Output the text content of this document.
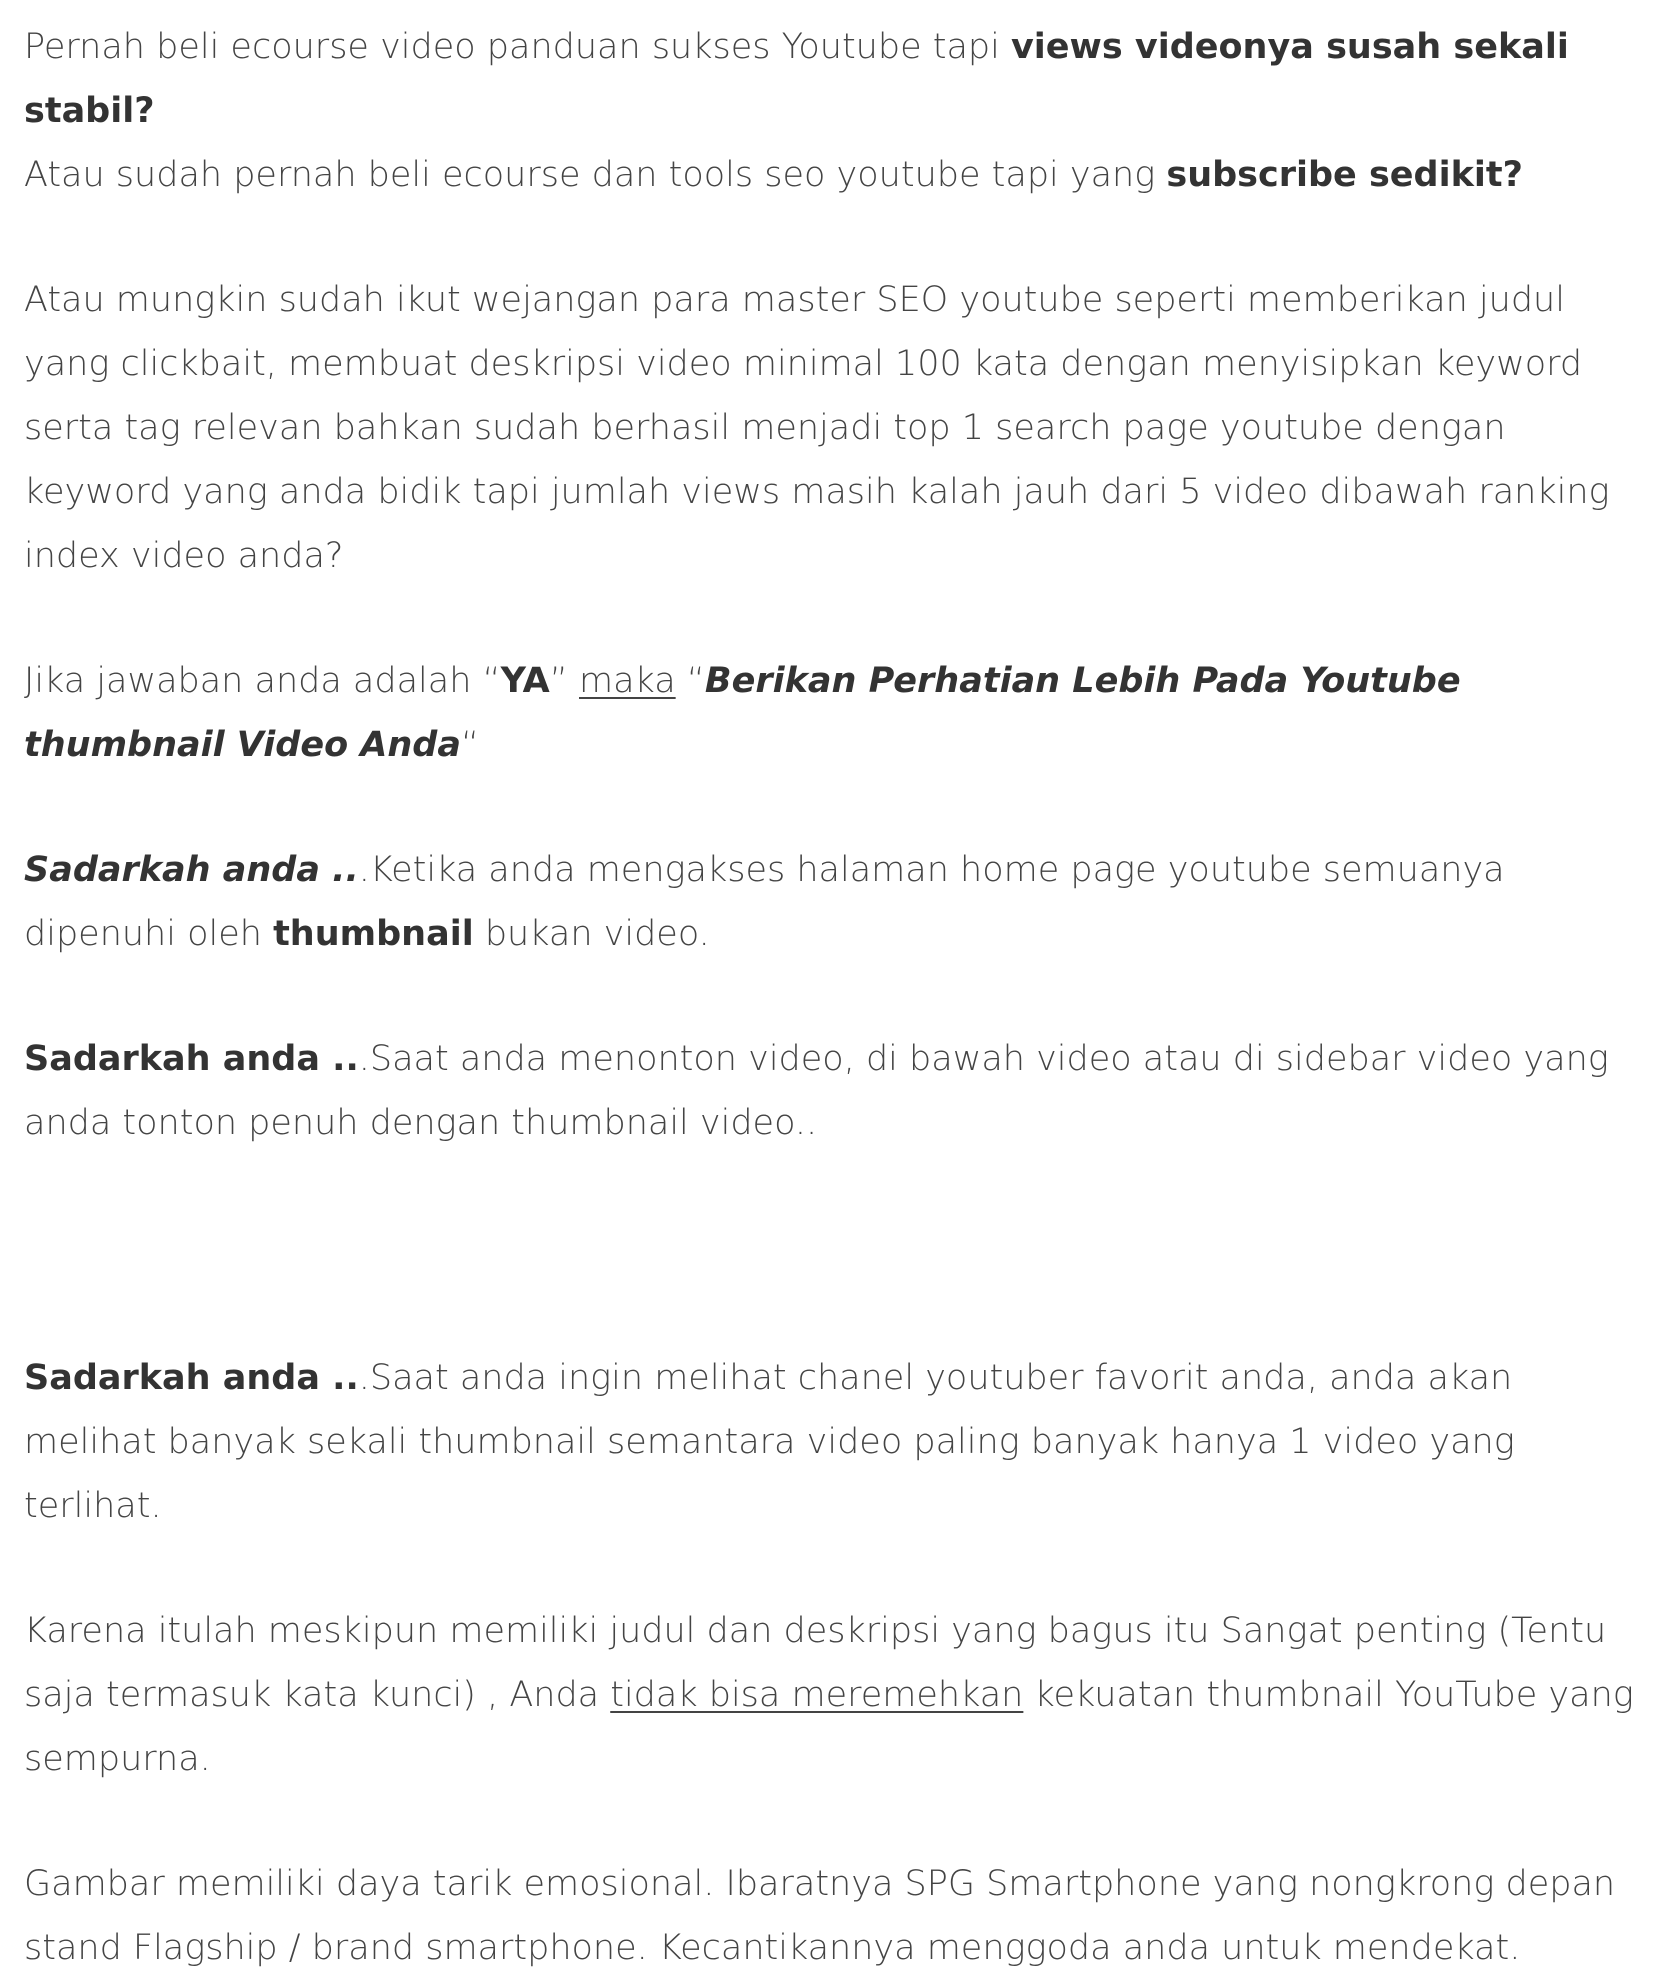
Pernah beli ecourse video panduan sukses Youtube tapi views videonya susah sekali stabil?
Atau sudah pernah beli ecourse dan tools seo youtube tapi yang subscribe sedikit?

Atau mungkin sudah ikut wejangan para master SEO youtube seperti memberikan judul yang clickbait, membuat deskripsi video minimal 100 kata dengan menyisipkan keyword serta tag relevan bahkan sudah berhasil menjadi top 1 search page youtube dengan keyword yang anda bidik tapi jumlah views masih kalah jauh dari 5 video dibawah ranking index video anda?

Jika jawaban anda adalah “YA” maka “Berikan Perhatian Lebih Pada Youtube thumbnail Video Anda“

Sadarkah anda ...Ketika anda mengakses halaman home page youtube semuanya dipenuhi oleh thumbnail bukan video.

Sadarkah anda ...Saat anda menonton video, di bawah video atau di sidebar video yang anda tonton penuh dengan thumbnail video..

Sadarkah anda ...Saat anda ingin melihat chanel youtuber favorit anda, anda akan melihat banyak sekali thumbnail semantara video paling banyak hanya 1 video yang terlihat.

Karena itulah meskipun memiliki judul dan deskripsi yang bagus itu Sangat penting (Tentu saja termasuk kata kunci) , Anda tidak bisa meremehkan kekuatan thumbnail YouTube yang sempurna.

Gambar memiliki daya tarik emosional. Ibaratnya SPG Smartphone yang nongkrong depan stand Flagship / brand smartphone. Kecantikannya menggoda anda untuk mendekat.
